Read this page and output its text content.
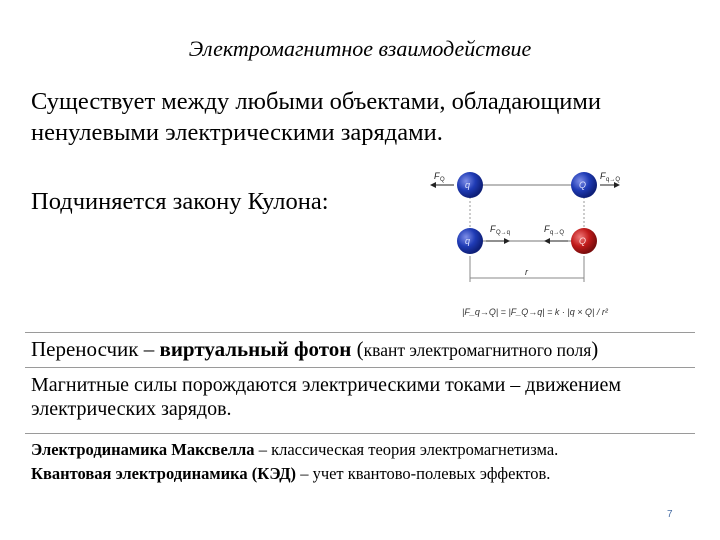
Электромагнитное взаимодействие
Существует между любыми объектами, обладающими ненулевыми электрическими зарядами.
Подчиняется закону Кулона:
Переносчик – виртуальный фотон (квант электромагнитного поля)
Магнитные силы порождаются электрическими токами – движением электрических зарядов.
Электродинамика Максвелла – классическая теория электромагнетизма.
Квантовая электродинамика (КЭД) – учет квантово-полевых эффектов.
7
r
F Q	F q→Q
F Q→q	F q→Q
q	Q
q	Q
|F_q→Q| = |F_Q→q| = k · |q × Q| / r²
